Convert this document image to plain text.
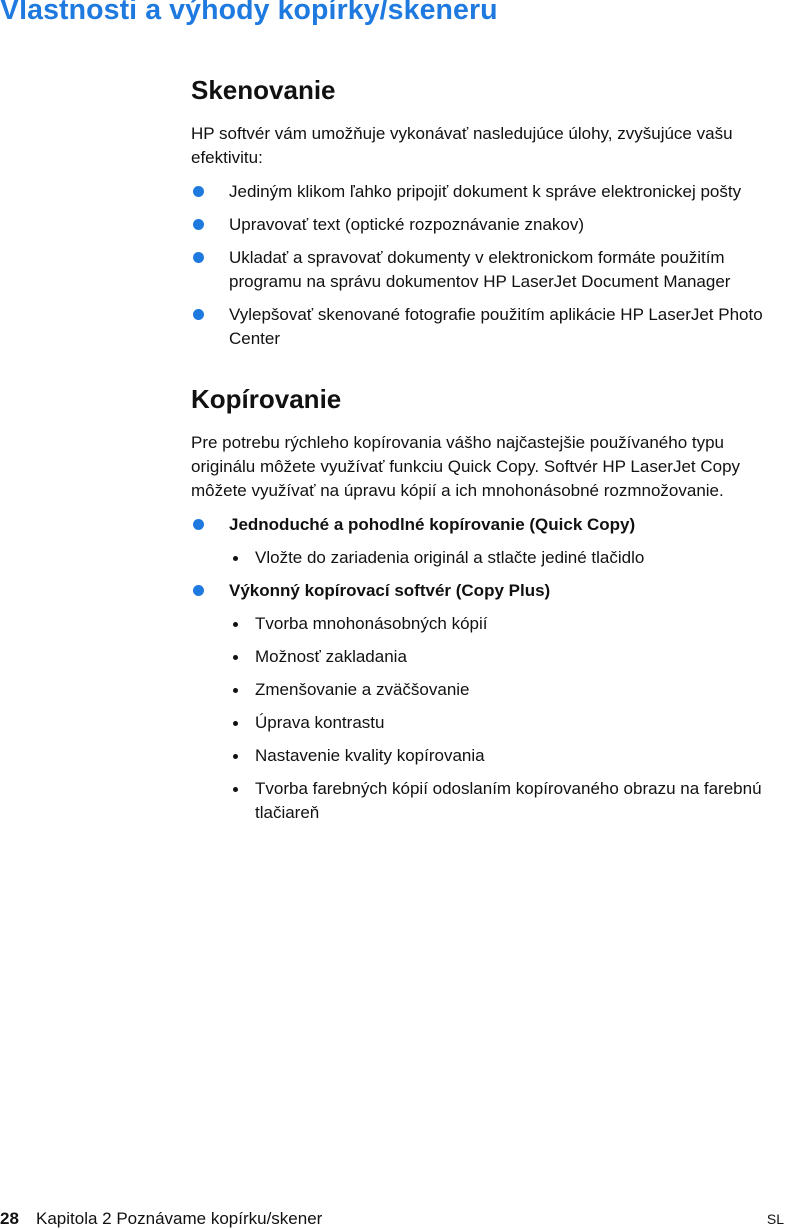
Vlastnosti a výhody kopírky/skeneru
Skenovanie

HP softvér vám umožňuje vykonávať nasledujúce úlohy, zvyšujúce vašu efektivitu:

Jediným klikom ľahko pripojiť dokument k správe elektronickej pošty
Upravovať text (optické rozpoznávanie znakov)
Ukladať a spravovať dokumenty v elektronickom formáte použitím programu na správu dokumentov HP LaserJet Document Manager
Vylepšovať skenované fotografie použitím aplikácie HP LaserJet Photo Center
Kopírovanie

Pre potrebu rýchleho kopírovania vášho najčastejšie používaného typu originálu môžete využívať funkciu Quick Copy. Softvér HP LaserJet Copy môžete využívať na úpravu kópií a ich mnohonásobné rozmnožovanie.

Jednoduché a pohodlné kopírovanie (Quick Copy)
Vložte do zariadenia originál a stlačte jediné tlačidlo
Výkonný kopírovací softvér (Copy Plus)
Tvorba mnohonásobných kópií
Možnosť zakladania
Zmenšovanie a zväčšovanie
Úprava kontrastu
Nastavenie kvality kopírovania
Tvorba farebných kópií odoslaním kopírovaného obrazu na farebnú tlačiareň
28 Kapitola 2 Poznávame kopírku/skener	SL
